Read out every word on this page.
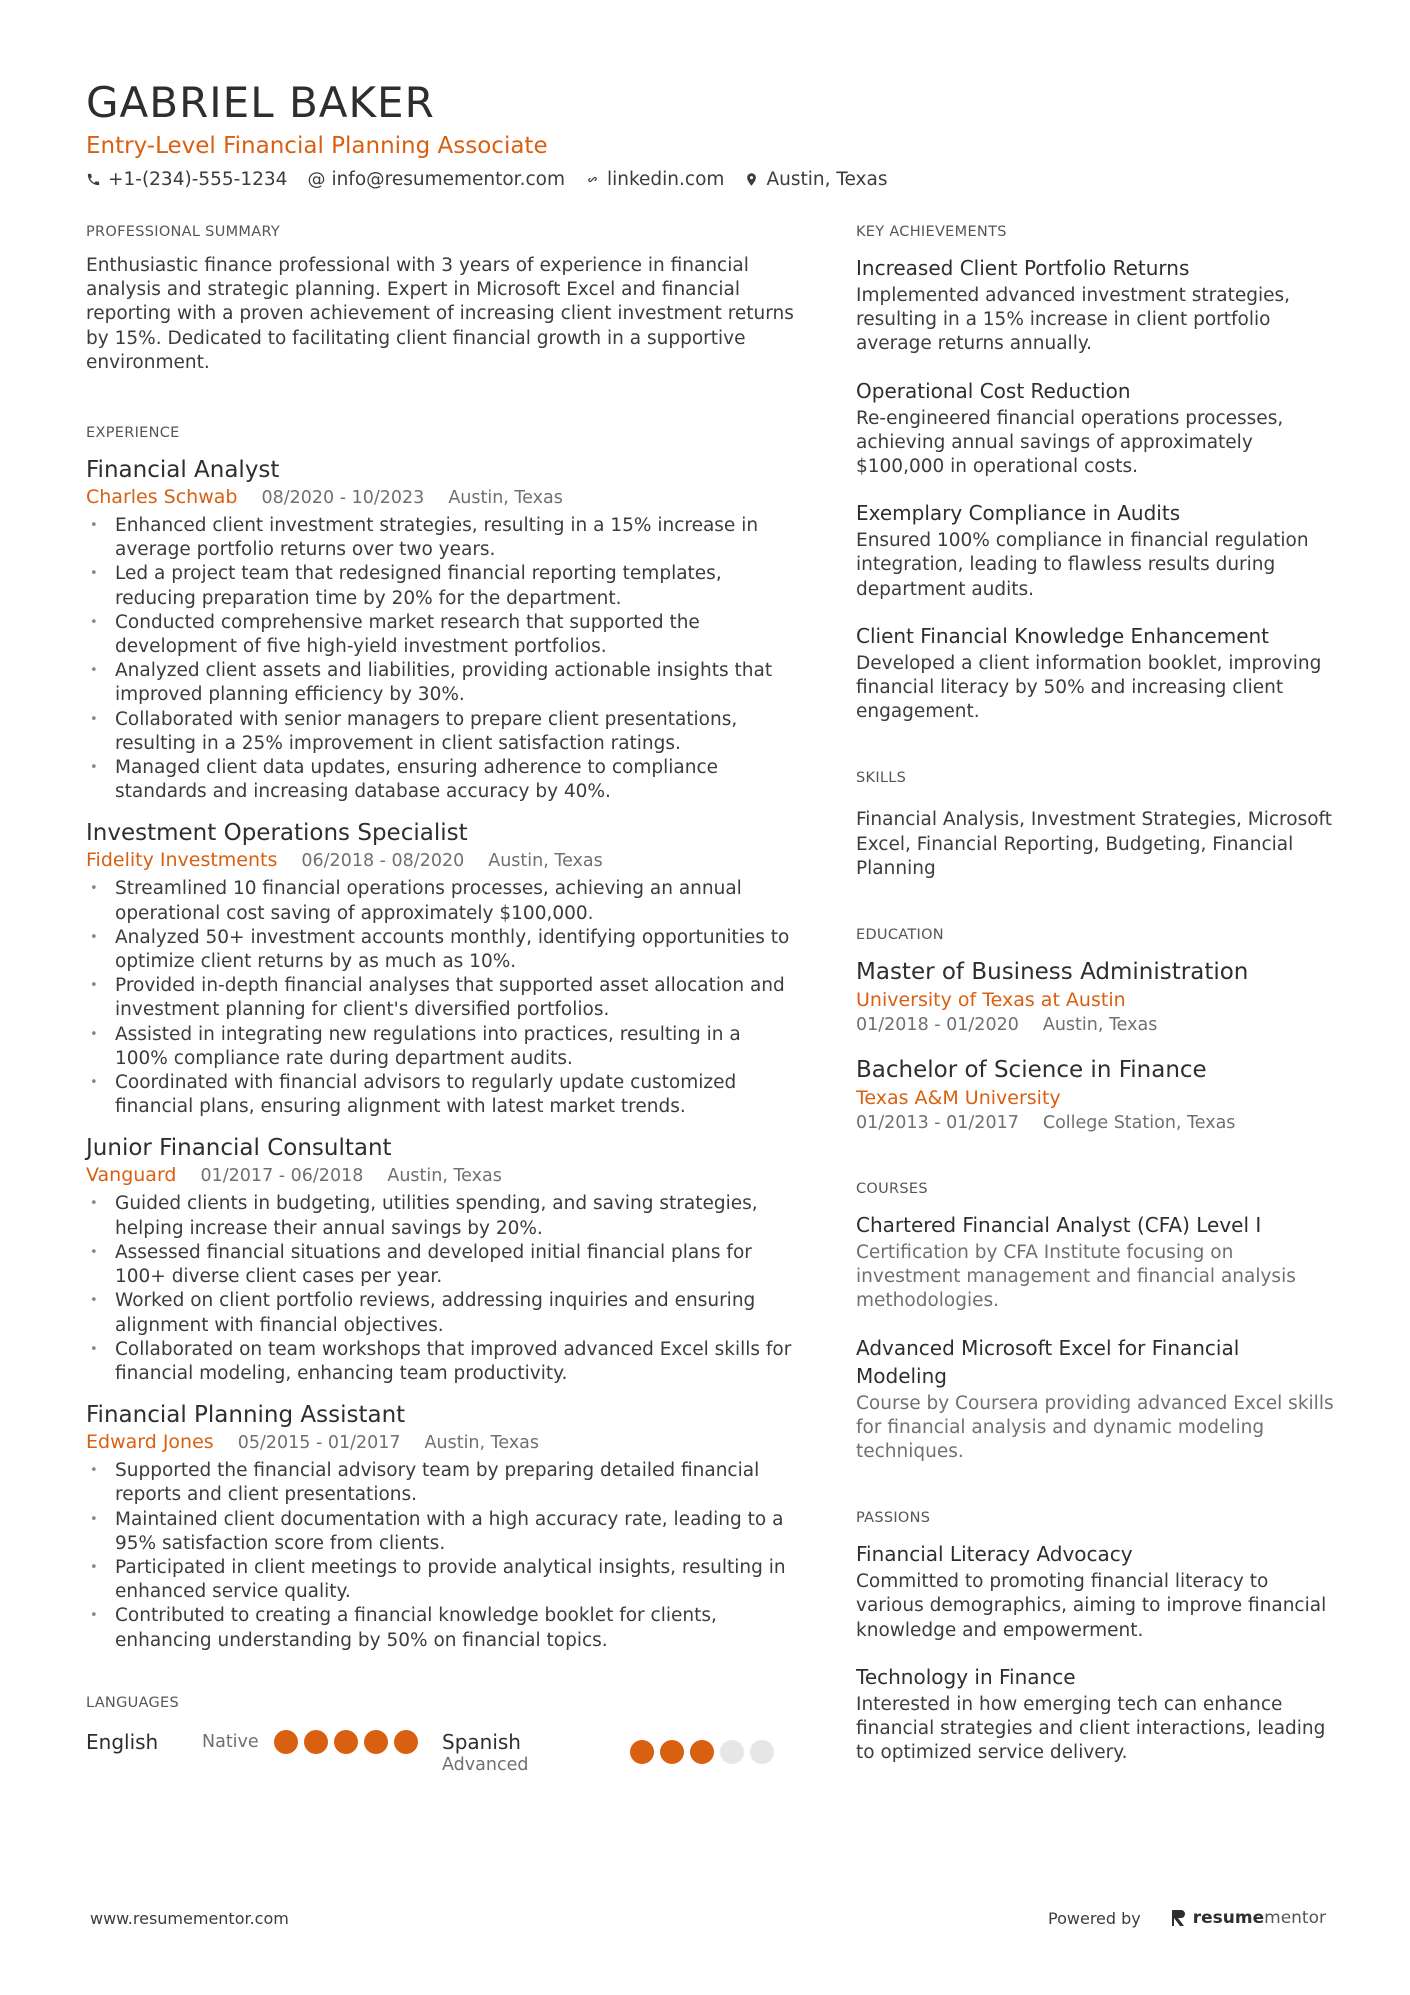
GABRIEL BAKER
Entry-Level Financial Planning Associate
+1-(234)-555-1234 @ info@resumementor.com linkedin.com Austin, Texas
PROFESSIONAL SUMMARY
Enthusiastic finance professional with 3 years of experience in financial analysis and strategic planning. Expert in Microsoft Excel and financial reporting with a proven achievement of increasing client investment returns by 15%. Dedicated to facilitating client financial growth in a supportive environment.
EXPERIENCE
Financial Analyst
Charles Schwab 08/2020 - 10/2023 Austin, Texas
• Enhanced client investment strategies, resulting in a 15% increase in average portfolio returns over two years.
• Led a project team that redesigned financial reporting templates, reducing preparation time by 20% for the department.
• Conducted comprehensive market research that supported the development of five high-yield investment portfolios.
• Analyzed client assets and liabilities, providing actionable insights that improved planning efficiency by 30%.
• Collaborated with senior managers to prepare client presentations, resulting in a 25% improvement in client satisfaction ratings.
• Managed client data updates, ensuring adherence to compliance standards and increasing database accuracy by 40%.
Investment Operations Specialist
Fidelity Investments 06/2018 - 08/2020 Austin, Texas
• Streamlined 10 financial operations processes, achieving an annual operational cost saving of approximately $100,000.
• Analyzed 50+ investment accounts monthly, identifying opportunities to optimize client returns by as much as 10%.
• Provided in-depth financial analyses that supported asset allocation and investment planning for client's diversified portfolios.
• Assisted in integrating new regulations into practices, resulting in a 100% compliance rate during department audits.
• Coordinated with financial advisors to regularly update customized financial plans, ensuring alignment with latest market trends.
Junior Financial Consultant
Vanguard 01/2017 - 06/2018 Austin, Texas
• Guided clients in budgeting, utilities spending, and saving strategies, helping increase their annual savings by 20%.
• Assessed financial situations and developed initial financial plans for 100+ diverse client cases per year.
• Worked on client portfolio reviews, addressing inquiries and ensuring alignment with financial objectives.
• Collaborated on team workshops that improved advanced Excel skills for financial modeling, enhancing team productivity.
Financial Planning Assistant
Edward Jones 05/2015 - 01/2017 Austin, Texas
• Supported the financial advisory team by preparing detailed financial reports and client presentations.
• Maintained client documentation with a high accuracy rate, leading to a 95% satisfaction score from clients.
• Participated in client meetings to provide analytical insights, resulting in enhanced service quality.
• Contributed to creating a financial knowledge booklet for clients, enhancing understanding by 50% on financial topics.
LANGUAGES
English	Native	Spanish
Advanced
KEY ACHIEVEMENTS
Increased Client Portfolio Returns
Implemented advanced investment strategies, resulting in a 15% increase in client portfolio average returns annually.
Operational Cost Reduction
Re-engineered financial operations processes, achieving annual savings of approximately $100,000 in operational costs.
Exemplary Compliance in Audits
Ensured 100% compliance in financial regulation integration, leading to flawless results during department audits.
Client Financial Knowledge Enhancement
Developed a client information booklet, improving financial literacy by 50% and increasing client engagement.
SKILLS
Financial Analysis, Investment Strategies, Microsoft Excel, Financial Reporting, Budgeting, Financial Planning
EDUCATION
Master of Business Administration
University of Texas at Austin
01/2018 - 01/2020 Austin, Texas
Bachelor of Science in Finance
Texas A&M University
01/2013 - 01/2017 College Station, Texas
COURSES
Chartered Financial Analyst (CFA) Level I
Certification by CFA Institute focusing on investment management and financial analysis methodologies.
Advanced Microsoft Excel for Financial Modeling
Course by Coursera providing advanced Excel skills for financial analysis and dynamic modeling techniques.
PASSIONS
Financial Literacy Advocacy
Committed to promoting financial literacy to various demographics, aiming to improve financial knowledge and empowerment.
Technology in Finance
Interested in how emerging tech can enhance financial strategies and client interactions, leading to optimized service delivery.
www.resumementor.com	Powered by	resume mentor
